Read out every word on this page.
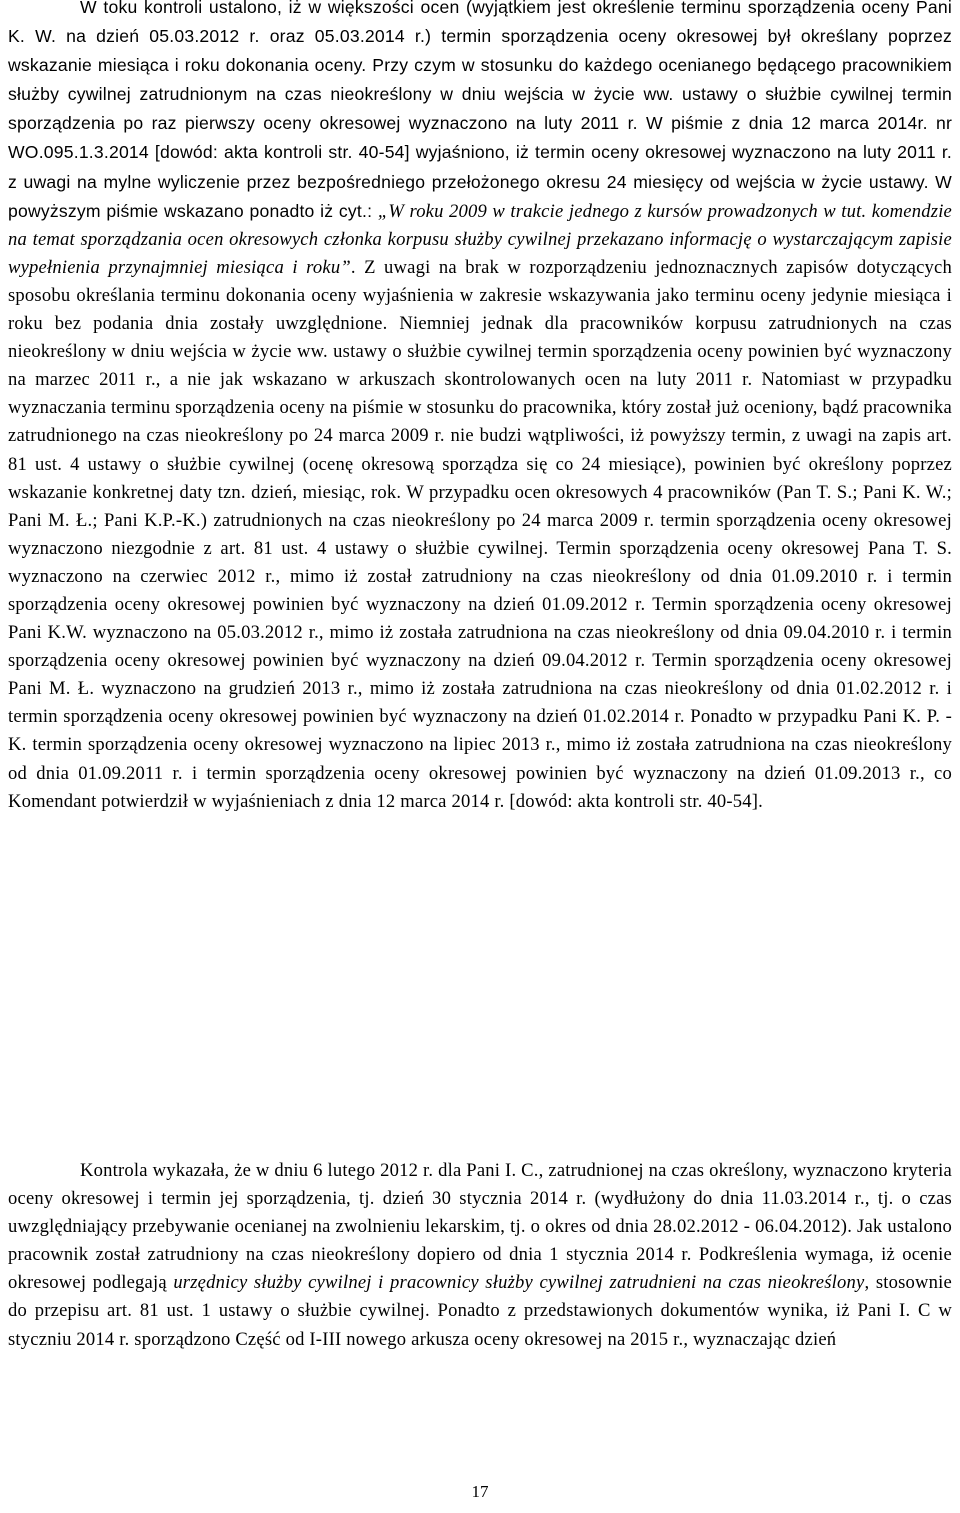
W toku kontroli ustalono, iż w większości ocen (wyjątkiem jest określenie terminu sporządzenia oceny Pani K. W. na dzień 05.03.2012 r. oraz 05.03.2014 r.) termin sporządzenia oceny okresowej był określany poprzez wskazanie miesiąca i roku dokonania oceny. Przy czym w stosunku do każdego ocenianego będącego pracownikiem służby cywilnej zatrudnionym na czas nieokreślony w dniu wejścia w życie ww. ustawy o służbie cywilnej termin sporządzenia po raz pierwszy oceny okresowej wyznaczono na luty 2011 r. W piśmie z dnia 12 marca 2014r. nr WO.095.1.3.2014 [dowód: akta kontroli str. 40-54] wyjaśniono, iż termin oceny okresowej wyznaczono na luty 2011 r. z uwagi na mylne wyliczenie przez bezpośredniego przełożonego okresu 24 miesięcy od wejścia w życie ustawy. W powyższym piśmie wskazano ponadto iż cyt.: „W roku 2009 w trakcie jednego z kursów prowadzonych w tut. komendzie na temat sporządzania ocen okresowych członka korpusu służby cywilnej przekazano informację o wystarczającym zapisie wypełnienia przynajmniej miesiąca i roku”. Z uwagi na brak w rozporządzeniu jednoznacznych zapisów dotyczących sposobu określania terminu dokonania oceny wyjaśnienia w zakresie wskazywania jako terminu oceny jedynie miesiąca i roku bez podania dnia zostały uwzględnione. Niemniej jednak dla pracowników korpusu zatrudnionych na czas nieokreślony w dniu wejścia w życie ww. ustawy o służbie cywilnej termin sporządzenia oceny powinien być wyznaczony na marzec 2011 r., a nie jak wskazano w arkuszach skontrolowanych ocen na luty 2011 r. Natomiast w przypadku wyznaczania terminu sporządzenia oceny na piśmie w stosunku do pracownika, który został już oceniony, bądź pracownika zatrudnionego na czas nieokreślony po 24 marca 2009 r. nie budzi wątpliwości, iż powyższy termin, z uwagi na zapis art. 81 ust. 4 ustawy o służbie cywilnej (ocenę okresową sporządza się co 24 miesiące), powinien być określony poprzez wskazanie konkretnej daty tzn. dzień, miesiąc, rok. W przypadku ocen okresowych 4 pracowników (Pan T. S.; Pani K. W.; Pani M. Ł.; Pani K.P.-K.) zatrudnionych na czas nieokreślony po 24 marca 2009 r. termin sporządzenia oceny okresowej wyznaczono niezgodnie z art. 81 ust. 4 ustawy o służbie cywilnej. Termin sporządzenia oceny okresowej Pana T. S. wyznaczono na czerwiec 2012 r., mimo iż został zatrudniony na czas nieokreślony od dnia 01.09.2010 r. i termin sporządzenia oceny okresowej powinien być wyznaczony na dzień 01.09.2012 r. Termin sporządzenia oceny okresowej Pani K.W. wyznaczono na 05.03.2012 r., mimo iż została zatrudniona na czas nieokreślony od dnia 09.04.2010 r. i termin sporządzenia oceny okresowej powinien być wyznaczony na dzień 09.04.2012 r. Termin sporządzenia oceny okresowej Pani M. Ł. wyznaczono na grudzień 2013 r., mimo iż została zatrudniona na czas nieokreślony od dnia 01.02.2012 r. i termin sporządzenia oceny okresowej powinien być wyznaczony na dzień 01.02.2014 r. Ponadto w przypadku Pani K. P. - K. termin sporządzenia oceny okresowej wyznaczono na lipiec 2013 r., mimo iż została zatrudniona na czas nieokreślony od dnia 01.09.2011 r. i termin sporządzenia oceny okresowej powinien być wyznaczony na dzień 01.09.2013 r., co Komendant potwierdził w wyjaśnieniach z dnia 12 marca 2014 r. [dowód: akta kontroli str. 40-54].

Kontrola wykazała, że w dniu 6 lutego 2012 r. dla Pani I. C., zatrudnionej na czas określony, wyznaczono kryteria oceny okresowej i termin jej sporządzenia, tj. dzień 30 stycznia 2014 r. (wydłużony do dnia 11.03.2014 r., tj. o czas uwzględniający przebywanie ocenianej na zwolnieniu lekarskim, tj. o okres od dnia 28.02.2012 - 06.04.2012). Jak ustalono pracownik został zatrudniony na czas nieokreślony dopiero od dnia 1 stycznia 2014 r. Podkreślenia wymaga, iż ocenie okresowej podlegają urzędnicy służby cywilnej i pracownicy służby cywilnej zatrudnieni na czas nieokreślony, stosownie do przepisu art. 81 ust. 1 ustawy o służbie cywilnej. Ponadto z przedstawionych dokumentów wynika, iż Pani I. C w styczniu 2014 r. sporządzono Część od I-III nowego arkusza oceny okresowej na 2015 r., wyznaczając dzień

17
